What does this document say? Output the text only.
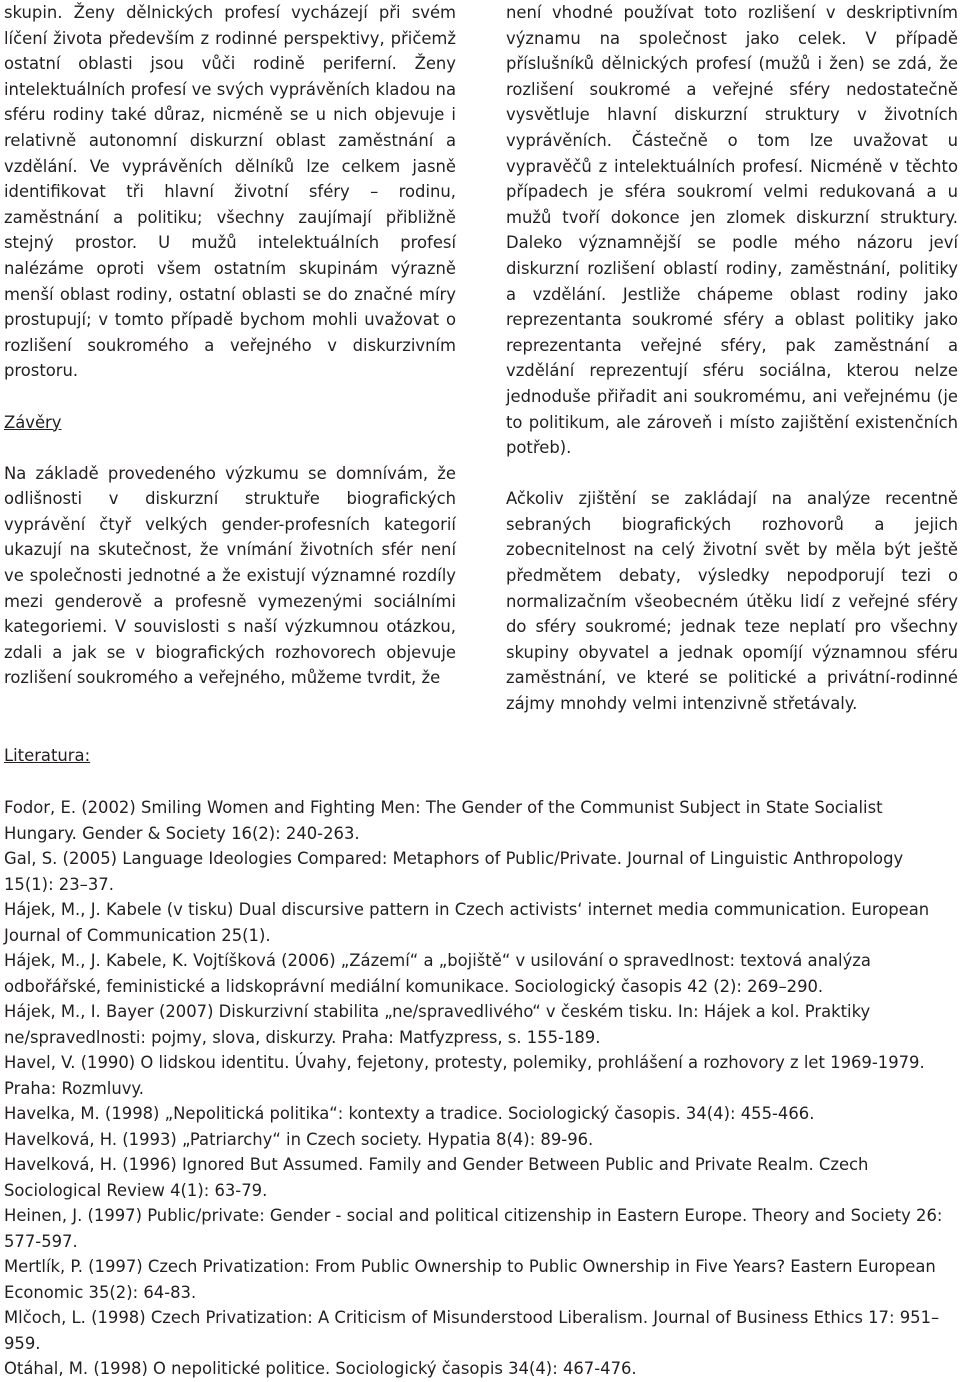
skupin. Ženy dělnických profesí vycházejí při svém líčení života především z rodinné perspektivy, přičemž ostatní oblasti jsou vůči rodině periferní. Ženy intelektuálních profesí ve svých vyprávěních kladou na sféru rodiny také důraz, nicméně se u nich objevuje i relativně autonomní diskurzní oblast zaměstnání a vzdělání. Ve vyprávěních dělníků lze celkem jasně identifikovat tři hlavní životní sféry – rodinu, zaměstnání a politiku; všechny zaujímají přibližně stejný prostor. U mužů intelektuálních profesí nalézáme oproti všem ostatním skupinám výrazně menší oblast rodiny, ostatní oblasti se do značné míry prostupují; v tomto případě bychom mohli uvažovat o rozlišení soukromého a veřejného v diskurzivním prostoru.

Závěry

Na základě provedeného výzkumu se domnívám, že odlišnosti v diskurzní struktuře biografických vyprávění čtyř velkých gender-profesních kategorií ukazují na skutečnost, že vnímání životních sfér není ve společnosti jednotné a že existují významné rozdíly mezi genderově a profesně vymezenými sociálními kategoriemi. V souvislosti s naší výzkumnou otázkou, zdali a jak se v biografických rozhovorech objevuje rozlišení soukromého a veřejného, můžeme tvrdit, že

není vhodné používat toto rozlišení v deskriptivním významu na společnost jako celek. V případě příslušníků dělnických profesí (mužů i žen) se zdá, že rozlišení soukromé a veřejné sféry nedostatečně vysvětluje hlavní diskurzní struktury v životních vyprávěních. Částečně o tom lze uvažovat u vypravěčů z intelektuálních profesí. Nicméně v těchto případech je sféra soukromí velmi redukovaná a u mužů tvoří dokonce jen zlomek diskurzní struktury. Daleko významnější se podle mého názoru jeví diskurzní rozlišení oblastí rodiny, zaměstnání, politiky a vzdělání. Jestliže chápeme oblast rodiny jako reprezentanta soukromé sféry a oblast politiky jako reprezentanta veřejné sféry, pak zaměstnání a vzdělání reprezentují sféru sociálna, kterou nelze jednoduše přiřadit ani soukromému, ani veřejnému (je to politikum, ale zároveň i místo zajištění existenčních potřeb).

Ačkoliv zjištění se zakládají na analýze recentně sebraných biografických rozhovorů a jejich zobecnitelnost na celý životní svět by měla být ještě předmětem debaty, výsledky nepodporují tezi o normalizačním všeobecném útěku lidí z veřejné sféry do sféry soukromé; jednak teze neplatí pro všechny skupiny obyvatel a jednak opomíjí významnou sféru zaměstnání, ve které se politické a privátní-rodinné zájmy mnohdy velmi intenzivně střetávaly.

Literatura:

Fodor, E. (2002) Smiling Women and Fighting Men: The Gender of the Communist Subject in State Socialist Hungary. Gender & Society 16(2): 240-263.
Gal, S. (2005) Language Ideologies Compared: Metaphors of Public/Private. Journal of Linguistic Anthropology 15(1): 23–37.
Hájek, M., J. Kabele (v tisku) Dual discursive pattern in Czech activists‘ internet media communication. European Journal of Communication 25(1).
Hájek, M., J. Kabele, K. Vojtíšková (2006) „Zázemí“ a „bojiště“ v usilování o spravedlnost: textová analýza odbořářské, feministické a lidskoprávní mediální komunikace. Sociologický časopis 42 (2): 269–290.
Hájek, M., I. Bayer (2007) Diskurzivní stabilita „ne/spravedlivého“ v českém tisku. In: Hájek a kol. Praktiky ne/spravedlnosti: pojmy, slova, diskurzy. Praha: Matfyzpress, s. 155-189.
Havel, V. (1990) O lidskou identitu. Úvahy, fejetony, protesty, polemiky, prohlášení a rozhovory z let 1969-1979. Praha: Rozmluvy.
Havelka, M. (1998) „Nepolitická politika“: kontexty a tradice. Sociologický časopis. 34(4): 455-466.
Havelková, H. (1993) „Patriarchy“ in Czech society. Hypatia 8(4): 89-96.
Havelková, H. (1996) Ignored But Assumed. Family and Gender Between Public and Private Realm. Czech Sociological Review 4(1): 63-79.
Heinen, J. (1997) Public/private: Gender - social and political citizenship in Eastern Europe. Theory and Society 26: 577-597.
Mertlík, P. (1997) Czech Privatization: From Public Ownership to Public Ownership in Five Years? Eastern European Economic 35(2): 64-83.
Mlčoch, L. (1998) Czech Privatization: A Criticism of Misunderstood Liberalism. Journal of Business Ethics 17: 951–959.
Otáhal, M. (1998) O nepolitické politice. Sociologický časopis 34(4): 467-476.
